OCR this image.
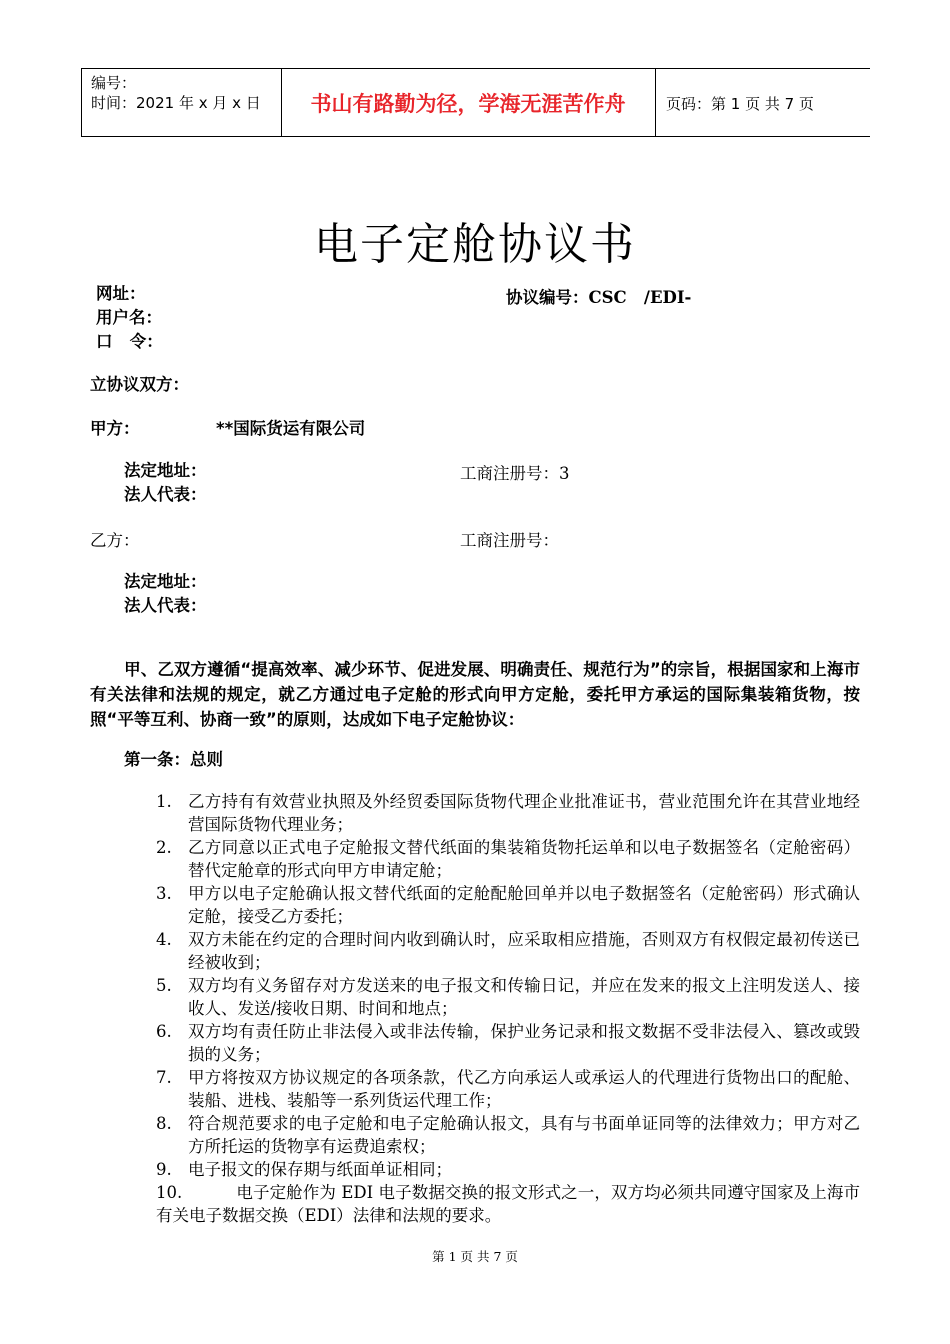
编号：
时间：2021 年 x 月 x 日	书山有路勤为径，学海无涯苦作舟	页码：第 1 页 共 7 页
电子定舱协议书
网址：
用户名：
口   令：
协议编号：CSC   /EDI-
立协议双方：
甲方：	**国际货运有限公司
法定地址：
法人代表：
工商注册号：3
乙方：	工商注册号：
法定地址：
法人代表：
甲、乙双方遵循“提高效率、减少环节、促进发展、明确责任、规范行为”的宗旨，根据国家和上海市有关法律和法规的规定，就乙方通过电子定舱的形式向甲方定舱，委托甲方承运的国际集装箱货物，按照“平等互利、协商一致”的原则，达成如下电子定舱协议：
第一条：总则
1. 乙方持有有效营业执照及外经贸委国际货物代理企业批准证书，营业范围允许在其营业地经营国际货物代理业务；
2. 乙方同意以正式电子定舱报文替代纸面的集装箱货物托运单和以电子数据签名（定舱密码）替代定舱章的形式向甲方申请定舱；
3. 甲方以电子定舱确认报文替代纸面的定舱配舱回单并以电子数据签名（定舱密码）形式确认定舱，接受乙方委托；
4. 双方未能在约定的合理时间内收到确认时，应采取相应措施，否则双方有权假定最初传送已经被收到；
5. 双方均有义务留存对方发送来的电子报文和传输日记，并应在发来的报文上注明发送人、接收人、发送/接收日期、时间和地点；
6. 双方均有责任防止非法侵入或非法传输，保护业务记录和报文数据不受非法侵入、篡改或毁损的义务；
7. 甲方将按双方协议规定的各项条款，代乙方向承运人或承运人的代理进行货物出口的配舱、装船、进栈、装船等一系列货运代理工作；
8. 符合规范要求的电子定舱和电子定舱确认报文，具有与书面单证同等的法律效力；甲方对乙方所托运的货物享有运费追索权；
9. 电子报文的保存期与纸面单证相同；
10.	电子定舱作为 EDI 电子数据交换的报文形式之一，双方均必须共同遵守国家及上海市有关电子数据交换（EDI）法律和法规的要求。
第 1 页 共 7 页
